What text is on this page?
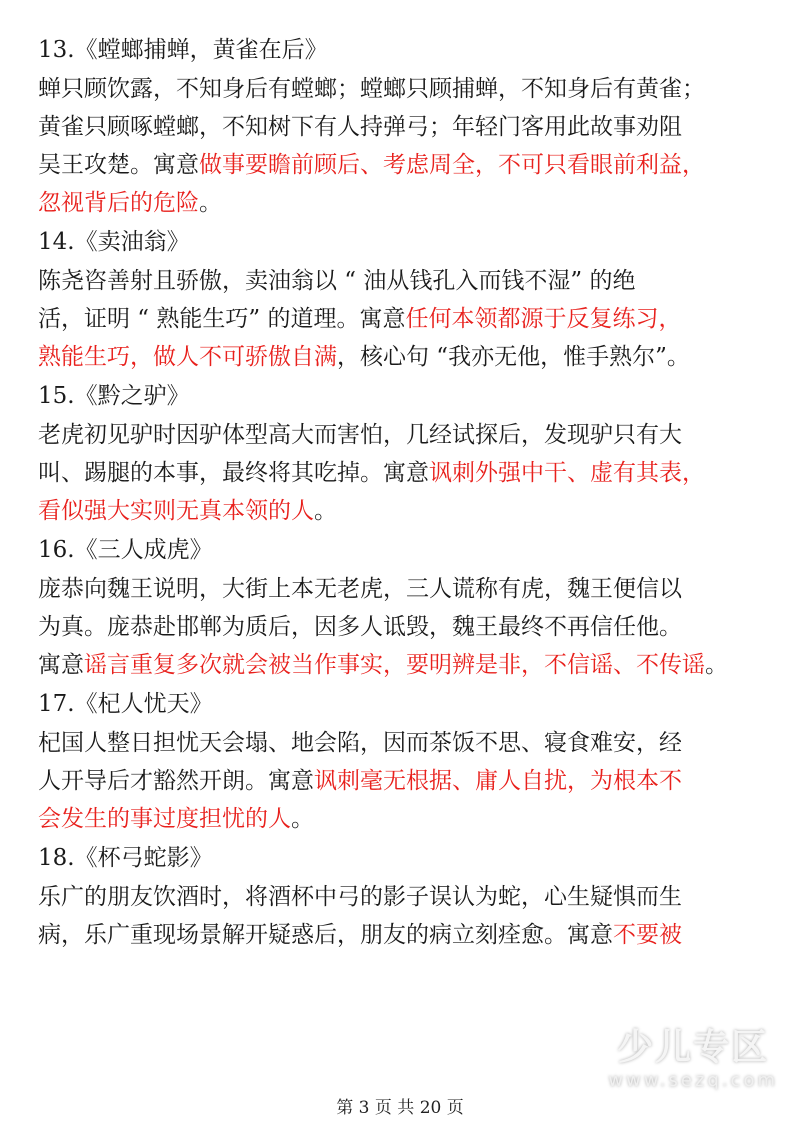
13.《螳螂捕蝉，黄雀在后》
蝉只顾饮露，不知身后有螳螂；螳螂只顾捕蝉，不知身后有黄雀；
黄雀只顾啄螳螂，不知树下有人持弹弓；年轻门客用此故事劝阻
吴王攻楚。寓意做事要瞻前顾后、考虑周全，不可只看眼前利益，
忽视背后的危险。
14.《卖油翁》
陈尧咨善射且骄傲，卖油翁以 “ 油从钱孔入而钱不湿” 的绝
活，证明 “ 熟能生巧” 的道理。寓意任何本领都源于反复练习，
熟能生巧，做人不可骄傲自满，核心句 “我亦无他，惟手熟尔”。
15.《黔之驴》
老虎初见驴时因驴体型高大而害怕，几经试探后，发现驴只有大
叫、踢腿的本事，最终将其吃掉。寓意讽刺外强中干、虚有其表，
看似强大实则无真本领的人。
16.《三人成虎》
庞恭向魏王说明，大街上本无老虎，三人谎称有虎，魏王便信以
为真。庞恭赴邯郸为质后，因多人诋毁，魏王最终不再信任他。
寓意谣言重复多次就会被当作事实，要明辨是非，不信谣、不传谣。
17.《杞人忧天》
杞国人整日担忧天会塌、地会陷，因而茶饭不思、寝食难安，经
人开导后才豁然开朗。寓意讽刺毫无根据、庸人自扰，为根本不
会发生的事过度担忧的人。
18.《杯弓蛇影》
乐广的朋友饮酒时，将酒杯中弓的影子误认为蛇，心生疑惧而生
病，乐广重现场景解开疑惑后，朋友的病立刻痊愈。寓意不要被
少儿专区
www.sezq.com
第 3 页 共 20 页
